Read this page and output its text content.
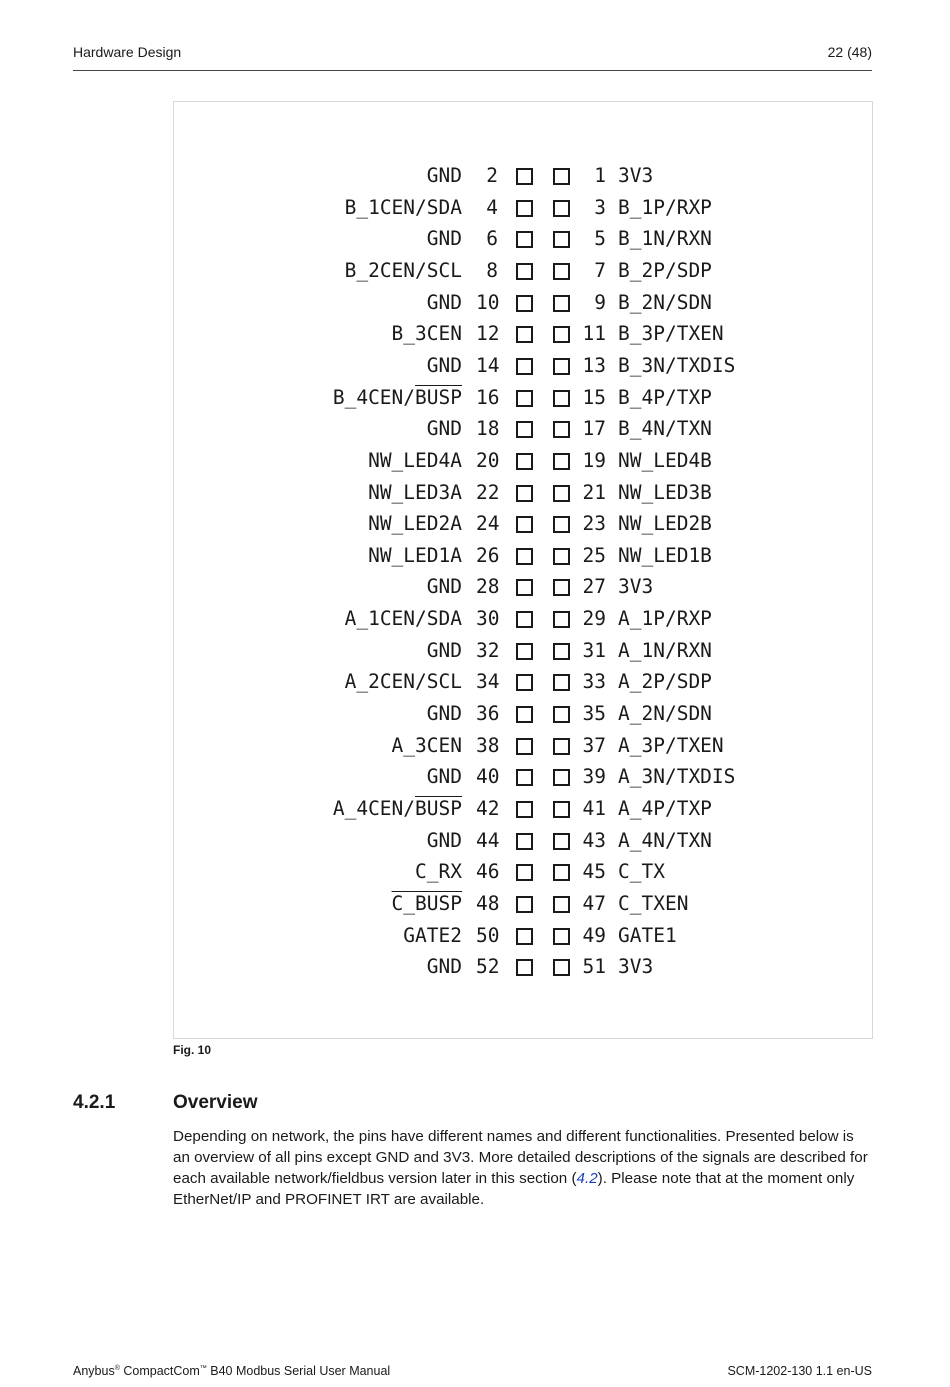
Hardware Design	22 (48)
GND	2	1 3V3
B_1CEN/SDA	4	3 B_1P/RXP
GND	6	5 B_1N/RXN
B_2CEN/SCL	8	7 B_2P/SDP
GND 10	9 B_2N/SDN
B_3CEN 12	11 B_3P/TXEN
GND 14	13 B_3N/TXDIS
B_4CEN/BUSP 16	15 B_4P/TXP
GND 18	17 B_4N/TXN
NW_LED4A 20	19 NW_LED4B
NW_LED3A 22	21 NW_LED3B
NW_LED2A 24	23 NW_LED2B
NW_LED1A 26	25 NW_LED1B
GND 28	27 3V3
A_1CEN/SDA 30	29 A_1P/RXP
GND 32	31 A_1N/RXN
A_2CEN/SCL 34	33 A_2P/SDP
GND 36	35 A_2N/SDN
A_3CEN 38	37 A_3P/TXEN
GND 40	39 A_3N/TXDIS
A_4CEN/BUSP 42	41 A_4P/TXP
GND 44	43 A_4N/TXN
C_RX 46	45 C_TX
C_BUSP 48	47 C_TXEN
GATE2 50	49 GATE1
GND 52	51 3V3
Fig. 10
4.2.1	Overview
Depending on network, the pins have different names and different functionalities. Presented below is an overview of all pins except GND and 3V3. More detailed descriptions of the signals are described for each available network/fieldbus version later in this section (4.2). Please note that at the moment only EtherNet/IP and PROFINET IRT are available.
Anybus® CompactCom™ B40 Modbus Serial User Manual	SCM-1202-130 1.1 en-US
